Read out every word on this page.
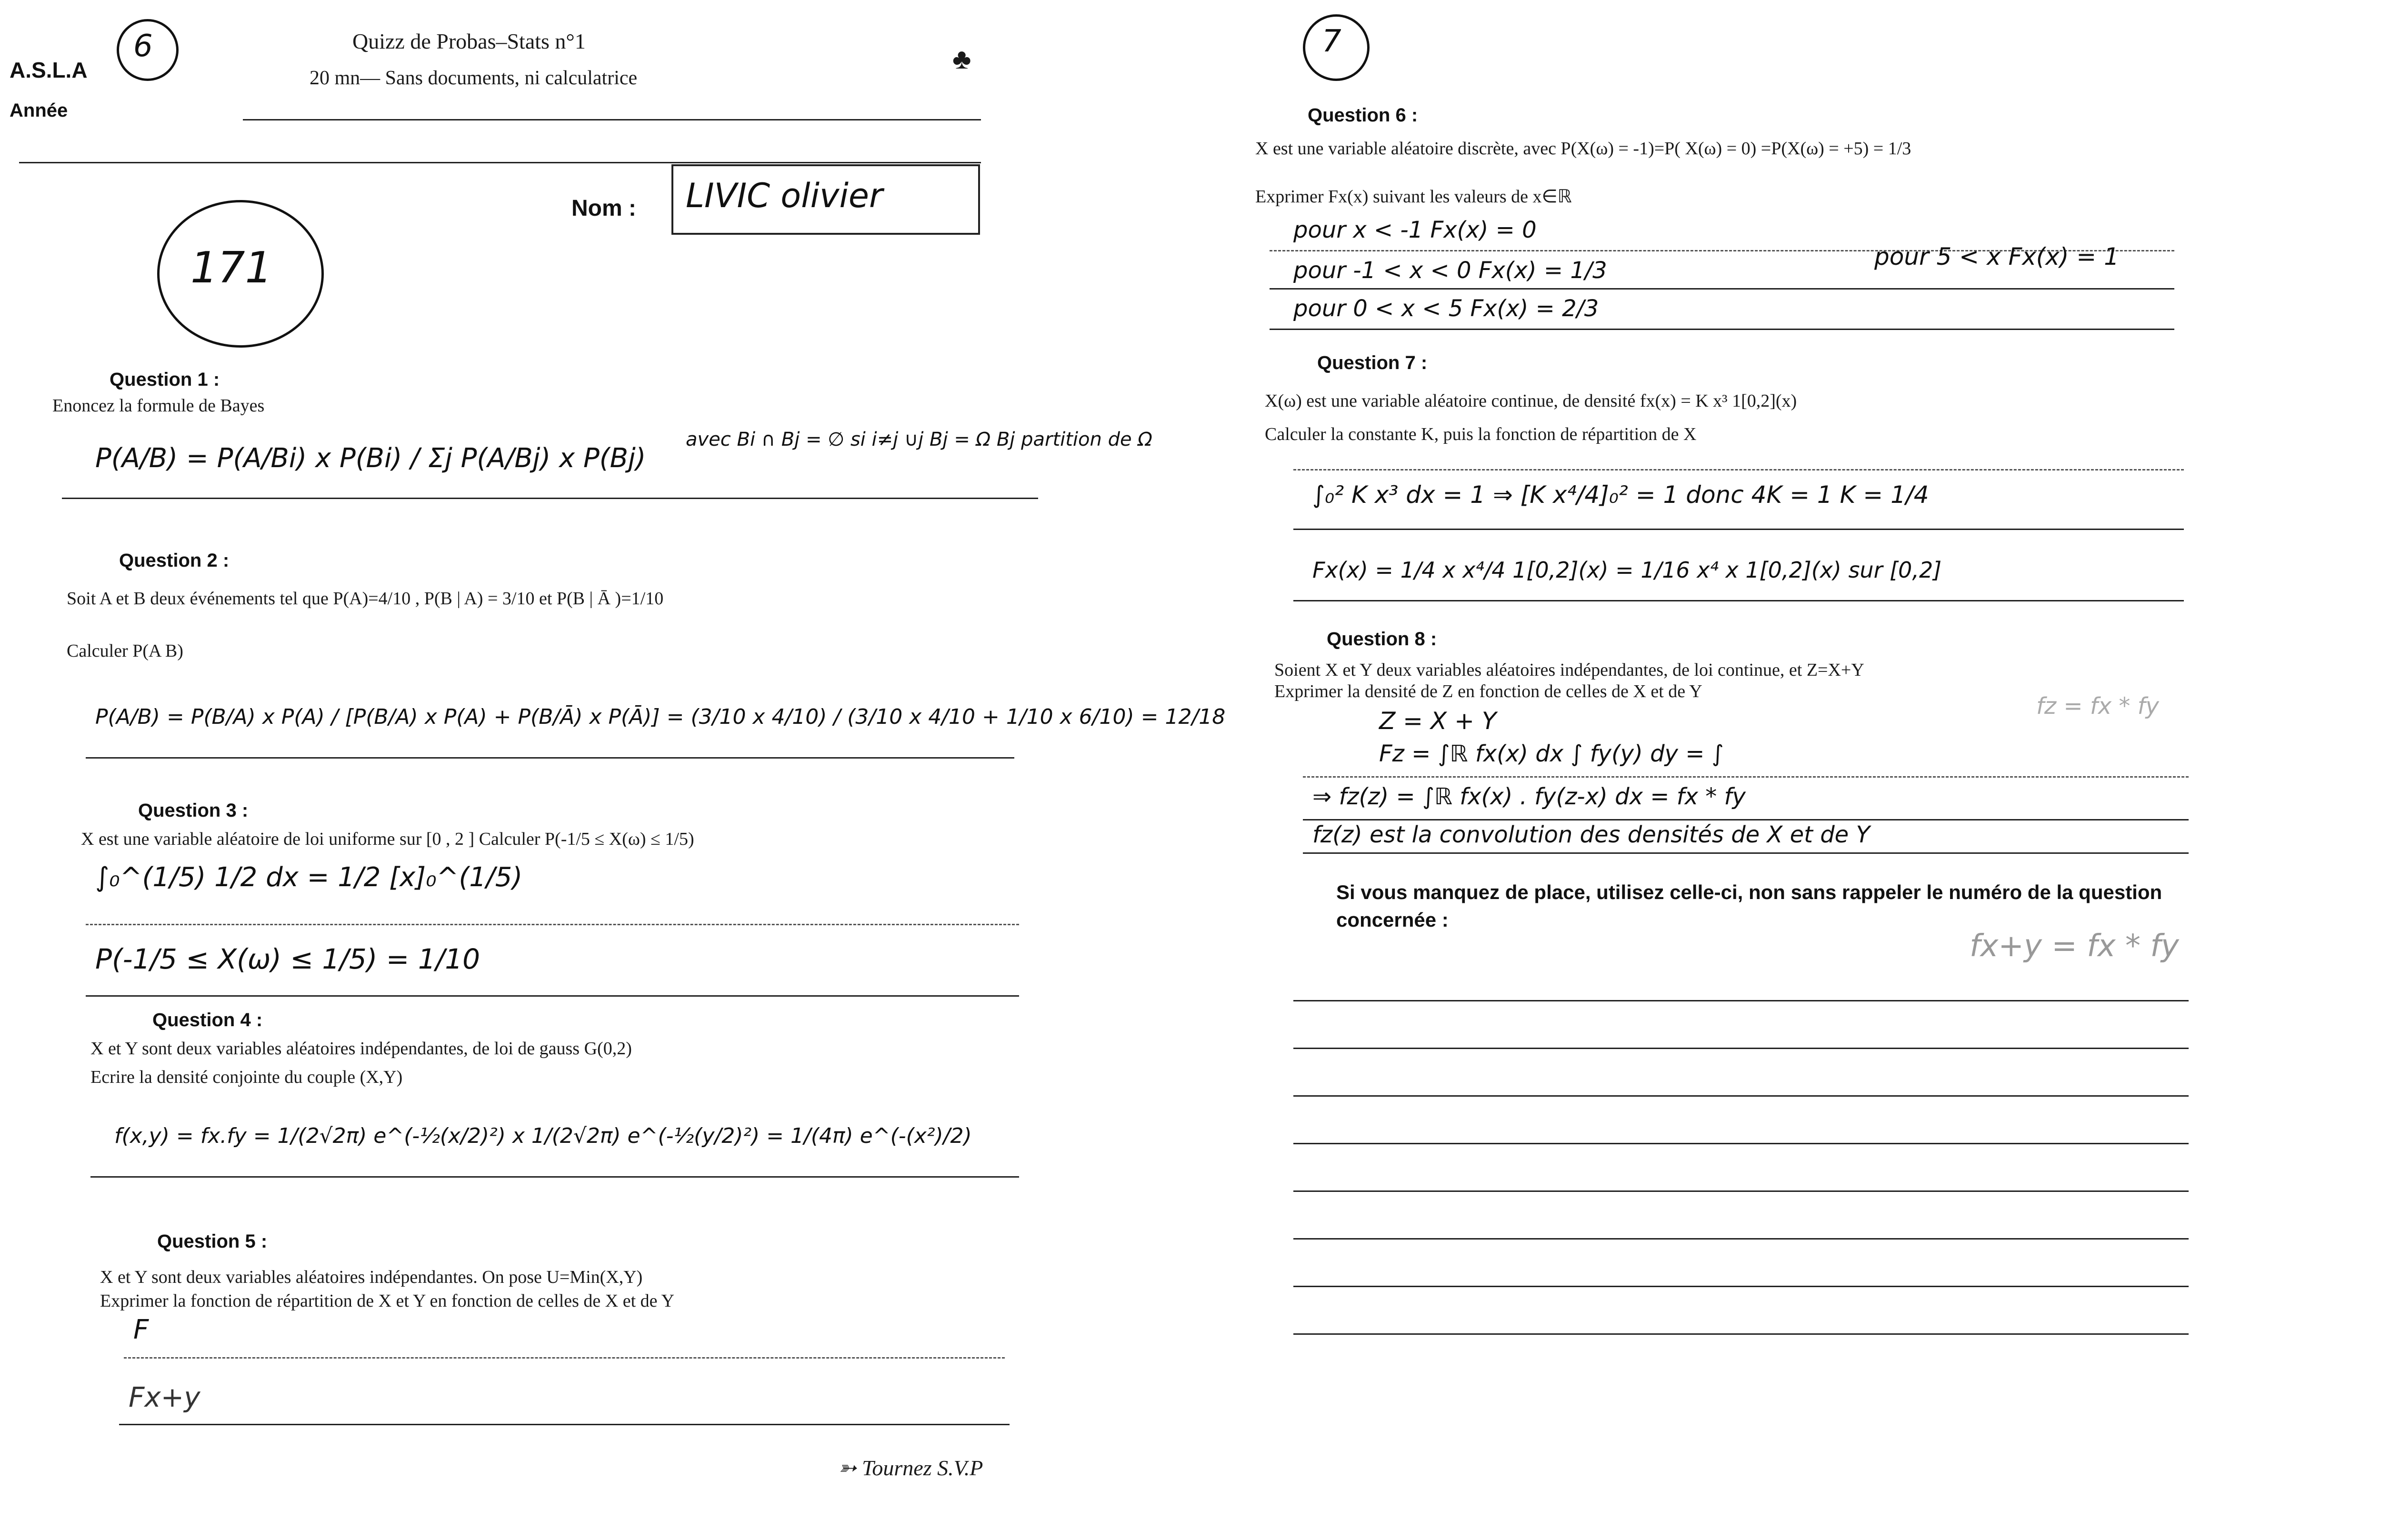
A.S.L.A
Année
6	Quizz de Probas–Stats n°1
20 mn— Sans documents, ni calculatrice
♣
Nom : LIVIC olivier
171
Question 1 :
Enoncez la formule de Bayes
P(A/B) = P(A/Bi) x P(Bi) / Σj P(A/Bj) x P(Bj)
avec Bi ∩ Bj = ∅ si i≠j ∪j Bj = Ω Bj partition de Ω
Question 2 :
Soit A et B deux événements tel que P(A)=4/10 , P(B | A) = 3/10 et P(B | Ā )=1/10
Calculer P(A B)
P(A/B) = P(B/A) x P(A) / [P(B/A) x P(A) + P(B/Ā) x P(Ā)] = (3/10 x 4/10) / (3/10 x 4/10 + 1/10 x 6/10) = 12/18
Question 3 :
X est une variable aléatoire de loi uniforme sur [0 , 2 ] Calculer P(-1/5 ≤ X(ω) ≤ 1/5)
∫₀^(1/5) 1/2 dx = 1/2 [x]₀^(1/5)
P(-1/5 ≤ X(ω) ≤ 1/5) = 1/10
Question 4 :
X et Y sont deux variables aléatoires indépendantes, de loi de gauss G(0,2)
Ecrire la densité conjointe du couple (X,Y)
f(x,y) = fx.fy = 1/(2√2π) e^(-½(x/2)²) x 1/(2√2π) e^(-½(y/2)²) = 1/(4π) e^(-(x²)/2)
Question 5 :
X et Y sont deux variables aléatoires indépendantes. On pose U=Min(X,Y)
Exprimer la fonction de répartition de X et Y en fonction de celles de X et de Y
F
Fx+y
➳ Tournez S.V.P
7
Question 6 :
X est une variable aléatoire discrète, avec P(X(ω) = -1)=P( X(ω) = 0) =P(X(ω) = +5) = 1/3
Exprimer Fx(x) suivant les valeurs de x∈ℝ
pour x < -1 Fx(x) = 0
pour -1 < x < 0 Fx(x) = 1/3
pour 0 < x < 5 Fx(x) = 2/3
pour 5 < x Fx(x) = 1
Question 7 :
X(ω) est une variable aléatoire continue, de densité fx(x) = K x³ 1[0,2](x)
Calculer la constante K, puis la fonction de répartition de X
∫₀² K x³ dx = 1 ⇒ [K x⁴/4]₀² = 1 donc 4K = 1 K = 1/4
Fx(x) = 1/4 x x⁴/4 1[0,2](x) = 1/16 x⁴ x 1[0,2](x) sur [0,2]
Question 8 :
Soient X et Y deux variables aléatoires indépendantes, de loi continue, et Z=X+Y
Exprimer la densité de Z en fonction de celles de X et de Y
Z = X + Y
Fz = ∫ℝ fx(x) dx ∫ fy(y) dy = ∫
⇒ fz(z) = ∫ℝ fx(x) . fy(z-x) dx = fx * fy
fz(z) est la convolution des densités de X et de Y
fz = fx * fy
Si vous manquez de place, utilisez celle-ci, non sans rappeler le numéro de la question concernée :
fx+y = fx * fy
